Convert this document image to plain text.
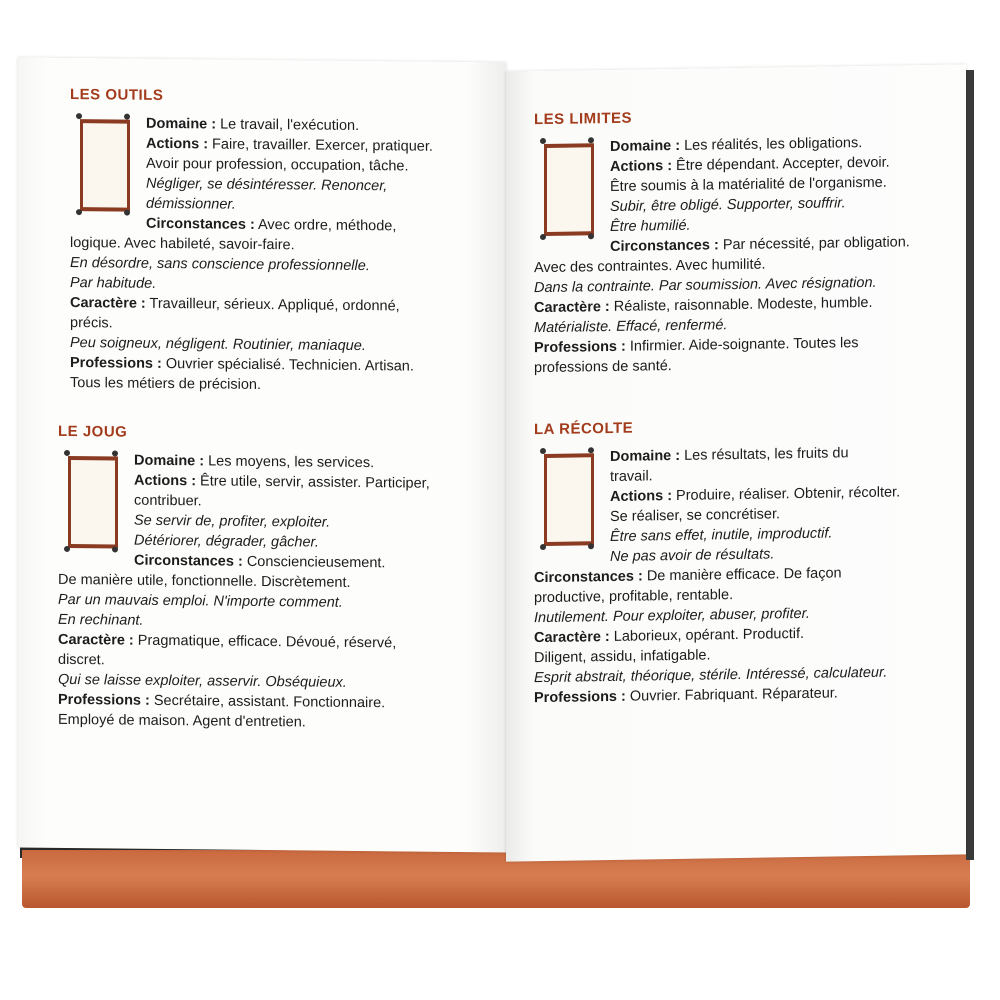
LES OUTILS
Domaine : Le travail, l'exécution.
Actions : Faire, travailler. Exercer, pratiquer.
Avoir pour profession, occupation, tâche.
Négliger, se désintéresser. Renoncer,
démissionner.
Circonstances : Avec ordre, méthode,
logique. Avec habileté, savoir-faire.
En désordre, sans conscience professionnelle.
Par habitude.
Caractère : Travailleur, sérieux. Appliqué, ordonné,
précis.
Peu soigneux, négligent. Routinier, maniaque.
Professions : Ouvrier spécialisé. Technicien. Artisan.
Tous les métiers de précision.
LE JOUG
Domaine : Les moyens, les services.
Actions : Être utile, servir, assister. Participer,
contribuer.
Se servir de, profiter, exploiter.
Détériorer, dégrader, gâcher.
Circonstances : Consciencieusement.
De manière utile, fonctionnelle. Discrètement.
Par un mauvais emploi. N'importe comment.
En rechinant.
Caractère : Pragmatique, efficace. Dévoué, réservé,
discret.
Qui se laisse exploiter, asservir. Obséquieux.
Professions : Secrétaire, assistant. Fonctionnaire.
Employé de maison. Agent d'entretien.
LES LIMITES
Domaine : Les réalités, les obligations.
Actions : Être dépendant. Accepter, devoir.
Être soumis à la matérialité de l'organisme.
Subir, être obligé. Supporter, souffrir.
Être humilié.
Circonstances : Par nécessité, par obligation.
Avec des contraintes. Avec humilité.
Dans la contrainte. Par soumission. Avec résignation.
Caractère : Réaliste, raisonnable. Modeste, humble.
Matérialiste. Effacé, renfermé.
Professions : Infirmier. Aide-soignante. Toutes les
professions de santé.
LA RÉCOLTE
Domaine : Les résultats, les fruits du
travail.
Actions : Produire, réaliser. Obtenir, récolter.
Se réaliser, se concrétiser.
Être sans effet, inutile, improductif.
Ne pas avoir de résultats.
Circonstances : De manière efficace. De façon
productive, profitable, rentable.
Inutilement. Pour exploiter, abuser, profiter.
Caractère : Laborieux, opérant. Productif.
Diligent, assidu, infatigable.
Esprit abstrait, théorique, stérile. Intéressé, calculateur.
Professions : Ouvrier. Fabriquant. Réparateur.
